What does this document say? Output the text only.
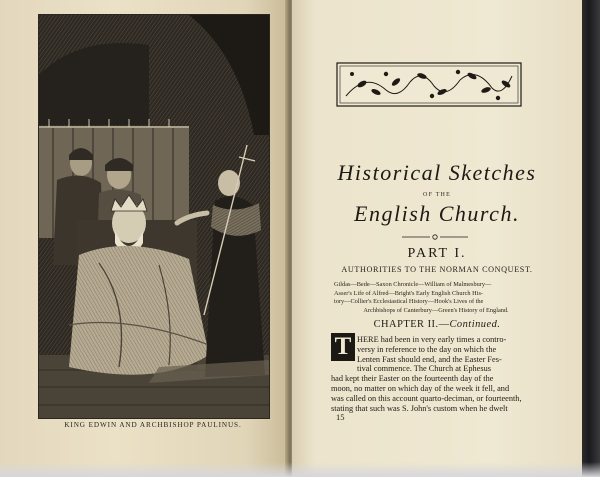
KING EDWIN AND ARCHBISHOP PAULINUS.
Historical Sketches
OF THE
English Church.
PART I.
AUTHORITIES TO THE NORMAN CONQUEST.
Gildas—Bede—Saxon Chronicle—William of Malmesbury—
Asser's Life of Alfred—Bright's Early English Church His-
tory—Collier's Ecclesiastical History—Hook's Lives of the
Archbishops of Canterbury—Green's History of England.
CHAPTER II.—Continued.
T HERE had been in very early times a contro-
versy in reference to the day on which the
Lenten Fast should end, and the Easter Fes-
tival commence. The Church at Ephesus
had kept their Easter on the fourteenth day of the
moon, no matter on which day of the week it fell, and
was called on this account quarto-deciman, or fourteenth,
stating that such was S. John's custom when he dwelt
15
